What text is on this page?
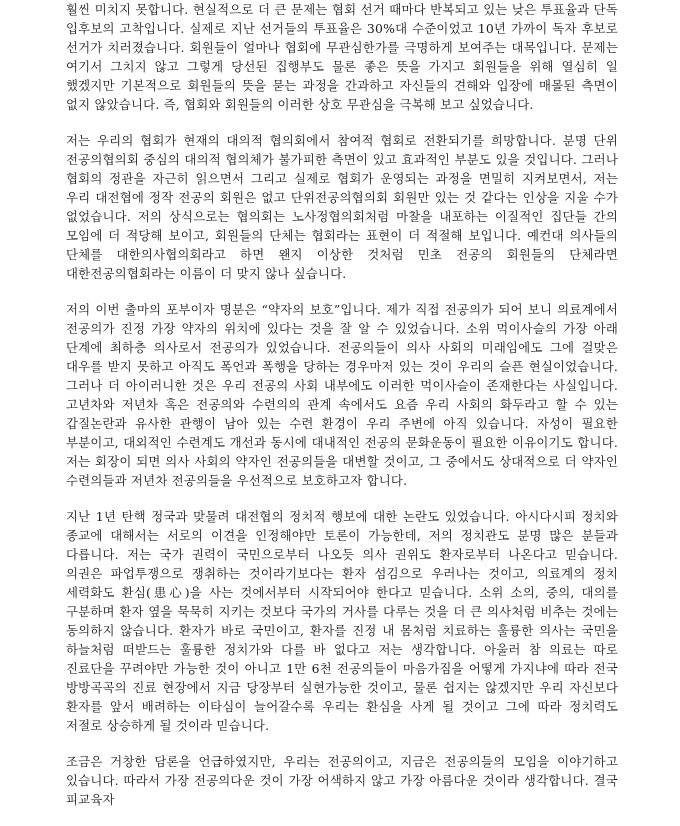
훨씬 미치지 못합니다. 현실적으로 더 큰 문제는 협회 선거 때마다 반복되고 있는 낮은 투표율과 단독 입후보의 고착입니다. 실제로 지난 선거들의 투표율은 30%대 수준이었고 10년 가까이 독자 후보로 선거가 치러졌습니다. 회원들이 얼마나 협회에 무관심한가를 극명하게 보여주는 대목입니다. 문제는 여기서 그치지 않고 그렇게 당선된 집행부도 물론 좋은 뜻을 가지고 회원들을 위해 열심히 일 했겠지만 기본적으로 회원들의 뜻을 묻는 과정을 간과하고 자신들의 견해와 입장에 매몰된 측면이 없지 않았습니다. 즉, 협회와 회원들의 이러한 상호 무관심을 극복해 보고 싶었습니다.

저는 우리의 협회가 현재의 대의적 협의회에서 참여적 협회로 전환되기를 희망합니다. 분명 단위 전공의협의회 중심의 대의적 협의체가 불가피한 측면이 있고 효과적인 부분도 있을 것입니다. 그러나 협회의 정관을 자근히 읽으면서 그리고 실제로 협회가 운영되는 과정을 면밀히 지켜보면서, 저는 우리 대전협에 정작 전공의 회원은 없고 단위전공의협의회 회원만 있는 것 같다는 인상을 지울 수가 없었습니다. 저의 상식으로는 협의회는 노사정협의회처럼 마찰을 내포하는 이질적인 집단들 간의 모임에 더 적당해 보이고, 회원들의 단체는 협회라는 표현이 더 적절해 보입니다. 예컨대 의사들의 단체를 대한의사협의회라고 하면 왠지 이상한 것처럼 민초 전공의 회원들의 단체라면 대한전공의협회라는 이름이 더 맞지 않나 싶습니다.

저의 이번 출마의 포부이자 명분은 “약자의 보호”입니다. 제가 직접 전공의가 되어 보니 의료계에서 전공의가 진정 가장 약자의 위치에 있다는 것을 잘 알 수 있었습니다. 소위 먹이사슬의 가장 아래 단계에 최하층 의사로서 전공의가 있었습니다. 전공의들이 의사 사회의 미래임에도 그에 걸맞은 대우를 받지 못하고 아직도 폭언과 폭행을 당하는 경우마저 있는 것이 우리의 슬픈 현실이었습니다. 그러나 더 아이러니한 것은 우리 전공의 사회 내부에도 이러한 먹이사슬이 존재한다는 사실입니다. 고년차와 저년차 혹은 전공의와 수련의의 관계 속에서도 요즘 우리 사회의 화두라고 할 수 있는 갑질논란과 유사한 관행이 남아 있는 수련 환경이 우리 주변에 아직 있습니다. 자성이 필요한 부분이고, 대외적인 수련계도 개선과 동시에 대내적인 전공의 문화운동이 필요한 이유이기도 합니다. 저는 회장이 되면 의사 사회의 약자인 전공의들을 대변할 것이고, 그 중에서도 상대적으로 더 약자인 수련의들과 저년차 전공의들을 우선적으로 보호하고자 합니다.

지난 1년 탄핵 정국과 맞물려 대전협의 정치적 행보에 대한 논란도 있었습니다. 아시다시피 정치와 종교에 대해서는 서로의 이견을 인정해야만 토론이 가능한데, 저의 정치관도 분명 많은 분들과 다릅니다. 저는 국가 권력이 국민으로부터 나오듯 의사 권위도 환자로부터 나온다고 믿습니다. 의권은 파업투쟁으로 쟁취하는 것이라기보다는 환자 섬김으로 우러나는 것이고, 의료계의 정치 세력화도 환심(患心)을 사는 것에서부터 시작되어야 한다고 믿습니다. 소위 소의, 중의, 대의를 구분하며 환자 옆을 묵묵히 지키는 것보다 국가의 거사를 다루는 것을 더 큰 의사처럼 비추는 것에는 동의하지 않습니다. 환자가 바로 국민이고, 환자를 진정 내 몸처럼 치료하는 훌륭한 의사는 국민을 하늘처럼 떠받드는 훌륭한 정치가와 다를 바 없다고 저는 생각합니다. 아울러 참 의료는 따로 진료단을 꾸려야만 가능한 것이 아니고 1만 6천 전공의들이 마음가짐을 어떻게 가지냐에 따라 전국 방방곡곡의 진료 현장에서 지금 당장부터 실현가능한 것이고, 물론 쉽지는 않겠지만 우리 자신보다 환자를 앞서 배려하는 이타심이 늘어갈수록 우리는 환심을 사게 될 것이고 그에 따라 정치력도 저절로 상승하게 될 것이라 믿습니다.

조금은 거창한 담론을 언급하였지만, 우리는 전공의이고, 지금은 전공의들의 모임을 이야기하고 있습니다. 따라서 가장 전공의다운 것이 가장 어색하지 않고 가장 아름다운 것이라 생각합니다. 결국 피교육자
